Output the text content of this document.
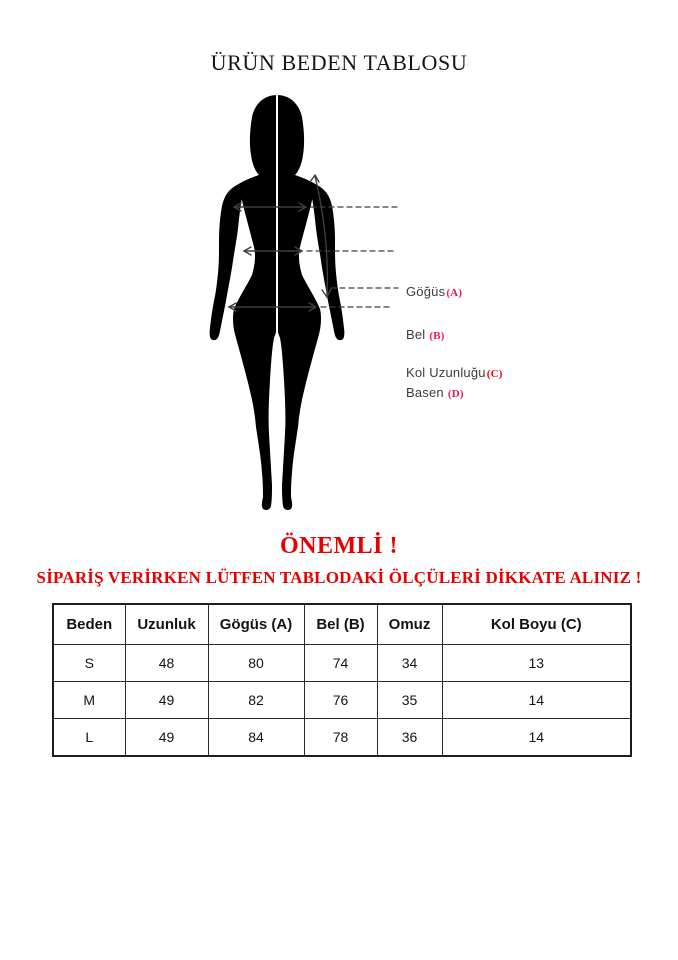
ÜRÜN BEDEN TABLOSU
Göğüs(A)
Bel (B)
Kol Uzunluğu(C)
Basen (D)
ÖNEMLİ !
SİPARİŞ VERİRKEN LÜTFEN TABLODAKİ ÖLÇÜLERİ DİKKATE ALINIZ !
Beden	Uzunluk	Gögüs (A)	Bel (B)	Omuz	Kol Boyu (C)
S	48	80	74	34	13
M	49	82	76	35	14
L	49	84	78	36	14
